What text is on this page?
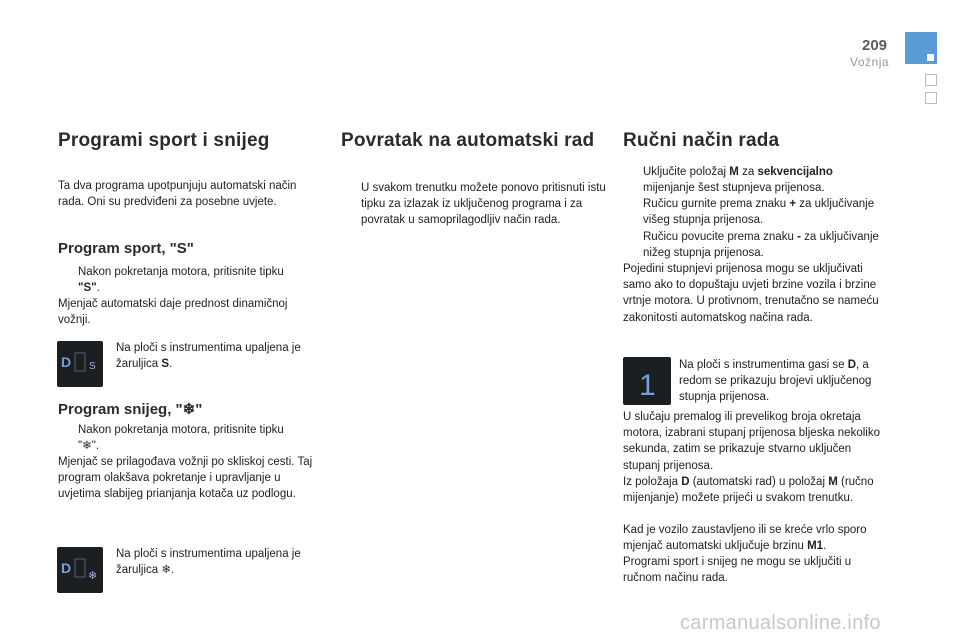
209
Vožnja
Programi sport i snijeg

Ta dva programa upotpunjuju automatski način rada. Oni su predviđeni za posebne uvjete.

Program sport, "S"
Nakon pokretanja motora, pritisnite tipku "S".

Mjenjač automatski daje prednost dinamičnoj vožnji.

D S

Na ploči s instrumentima upaljena je žaruljica S.

Program snijeg, "❄"
Nakon pokretanja motora, pritisnite tipku "❄".

Mjenjač se prilagođava vožnji po skliskoj cesti. Taj program olakšava pokretanje i upravljanje u uvjetima slabijeg prianjanja kotača uz podlogu.

D ❄

Na ploči s instrumentima upaljena je žaruljica ❄.

Povratak na automatski rad
U svakom trenutku možete ponovo pritisnuti istu tipku za izlazak iz uključenog programa i za povratak u samoprilagodljiv način rada.
Ručni način rada
Uključite položaj M za sekvencijalno mijenjanje šest stupnjeva prijenosa.
Ručicu gurnite prema znaku + za uključivanje višeg stupnja prijenosa.
Ručicu povucite prema znaku - za uključivanje nižeg stupnja prijenosa.

Pojedini stupnjevi prijenosa mogu se uključivati samo ako to dopuštaju uvjeti brzine vozila i brzine vrtnje motora. U protivnom, trenutačno se nameću zakonitosti automatskog načina rada.

1

Na ploči s instrumentima gasi se D, a redom se prikazuju brojevi uključenog stupnja prijenosa.

U slučaju premalog ili prevelikog broja okretaja motora, izabrani stupanj prijenosa bljeska nekoliko sekunda, zatim se prikazuje stvarno uključen stupanj prijenosa.

Iz položaja D (automatski rad) u položaj M (ručno mijenjanje) možete prijeći u svakom trenutku.

Kad je vozilo zaustavljeno ili se kreće vrlo sporo mjenjač automatski uključuje brzinu M1.

Programi sport i snijeg ne mogu se uključiti u ručnom načinu rada.

carmanualsonline.info
